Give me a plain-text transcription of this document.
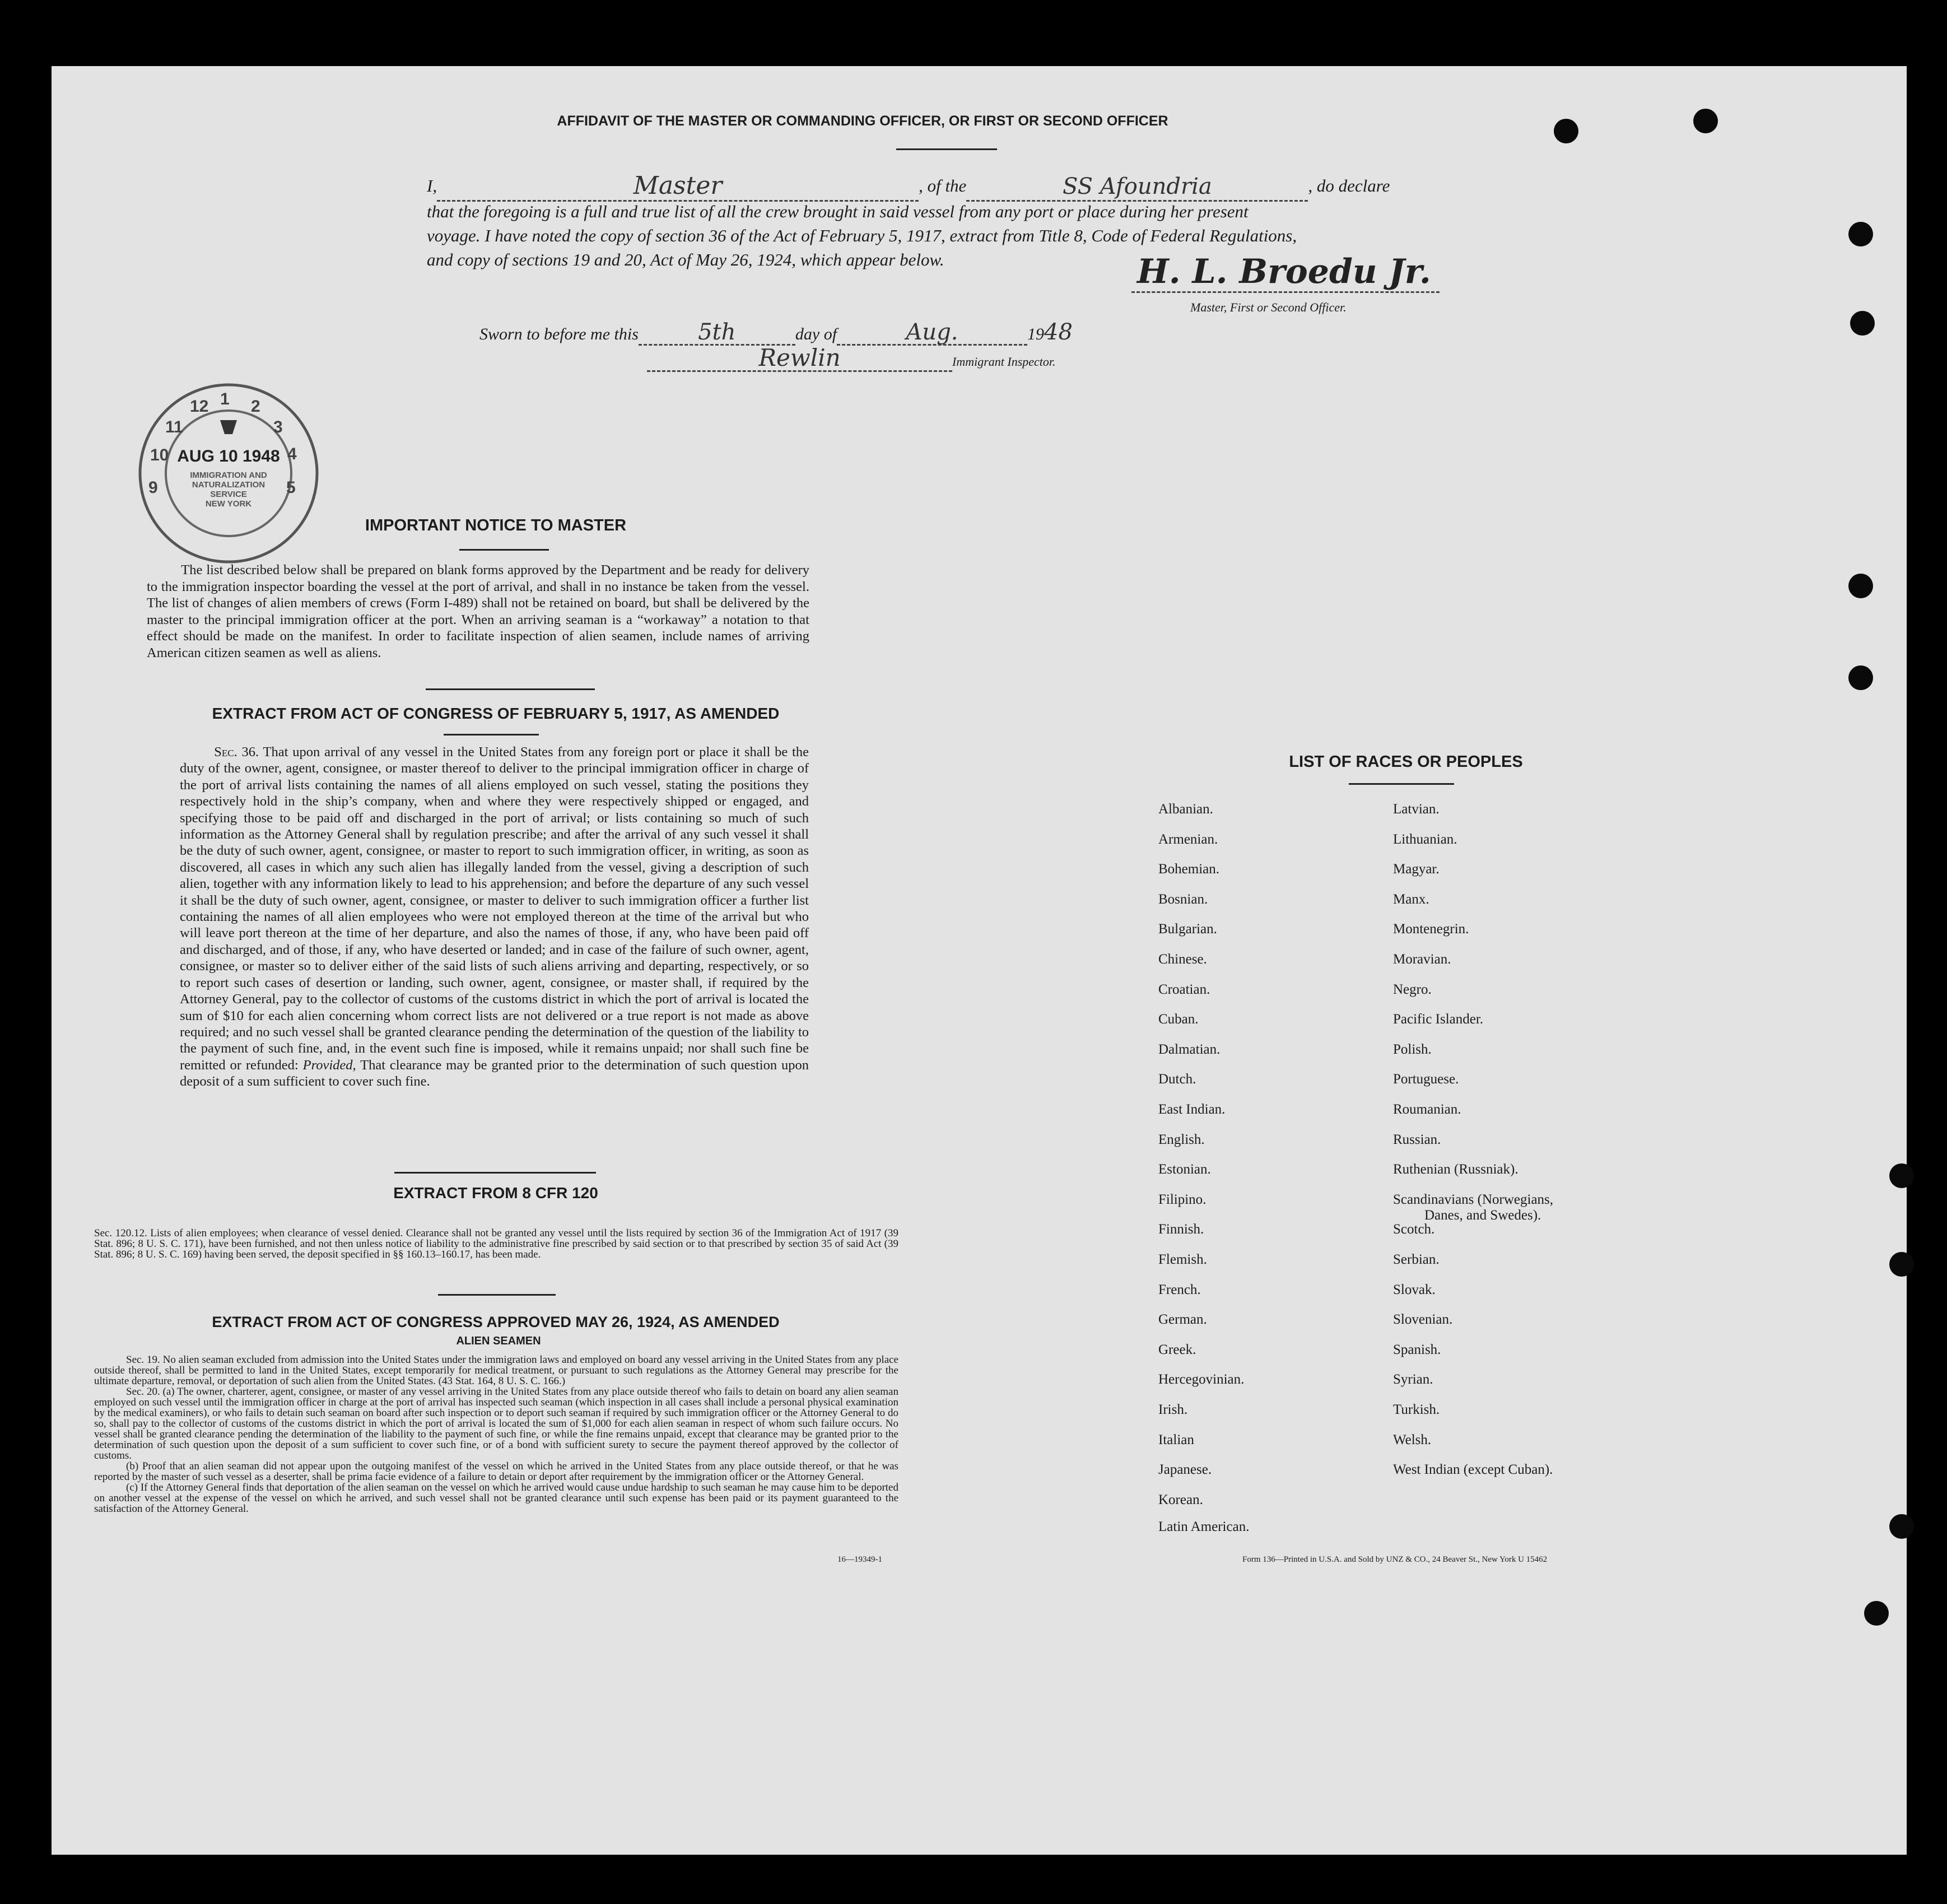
AFFIDAVIT OF THE MASTER OR COMMANDING OFFICER, OR FIRST OR SECOND OFFICER
I,	Master	, of the	SS Afoundria	, do declare
that the foregoing is a full and true list of all the crew brought in said vessel from any port or place during her present
voyage. I have noted the copy of section 36 of the Act of February 5, 1917, extract from Title 8, Code of Federal Regulations,
and copy of sections 19 and 20, Act of May 26, 1924, which appear below.	H. L. Broedu Jr.
Master, First or Second Officer.
Sworn to before me this	5th	day of	Aug.	1948
Rewlin	Immigrant Inspector.
1 2
3
4
12
11
10
9	5
AUG 10 1948
IMMIGRATION AND
NATURALIZATION
SERVICE
NEW YORK
IMPORTANT NOTICE TO MASTER
The list described below shall be prepared on blank forms approved by the Department and be ready for delivery to the immigration inspector boarding the vessel at the port of arrival, and shall in no instance be taken from the vessel. The list of changes of alien members of crews (Form I-489) shall not be retained on board, but shall be delivered by the master to the principal immigration officer at the port. When an arriving seaman is a “workaway” a notation to that effect should be made on the manifest. In order to facilitate inspection of alien seamen, include names of arriving American citizen seamen as well as aliens.
EXTRACT FROM ACT OF CONGRESS OF FEBRUARY 5, 1917, AS AMENDED
Sec. 36. That upon arrival of any vessel in the United States from any foreign port or place it shall be the duty of the owner, agent, consignee, or master thereof to deliver to the principal immigration officer in charge of the port of arrival lists containing the names of all aliens employed on such vessel, stating the positions they respectively hold in the ship’s company, when and where they were respectively shipped or engaged, and specifying those to be paid off and discharged in the port of arrival; or lists containing so much of such information as the Attorney General shall by regulation prescribe; and after the arrival of any such vessel it shall be the duty of such owner, agent, consignee, or master to report to such immigration officer, in writing, as soon as discovered, all cases in which any such alien has illegally landed from the vessel, giving a description of such alien, together with any information likely to lead to his apprehension; and before the departure of any such vessel it shall be the duty of such owner, agent, consignee, or master to deliver to such immigration officer a further list containing the names of all alien employees who were not employed thereon at the time of the arrival but who will leave port thereon at the time of her departure, and also the names of those, if any, who have been paid off and discharged, and of those, if any, who have deserted or landed; and in case of the failure of such owner, agent, consignee, or master so to deliver either of the said lists of such aliens arriving and departing, respectively, or so to report such cases of desertion or landing, such owner, agent, consignee, or master shall, if required by the Attorney General, pay to the collector of customs of the customs district in which the port of arrival is located the sum of $10 for each alien concerning whom correct lists are not delivered or a true report is not made as above required; and no such vessel shall be granted clearance pending the determination of the question of the liability to the payment of such fine, and, in the event such fine is imposed, while it remains unpaid; nor shall such fine be remitted or refunded: Provided, That clearance may be granted prior to the determination of such question upon deposit of a sum sufficient to cover such fine.
EXTRACT FROM 8 CFR 120
Sec. 120.12. Lists of alien employees; when clearance of vessel denied. Clearance shall not be granted any vessel until the lists required by section 36 of the Immigration Act of 1917 (39 Stat. 896; 8 U. S. C. 171), have been furnished, and not then unless notice of liability to the administrative fine prescribed by said section or to that prescribed by section 35 of said Act (39 Stat. 896; 8 U. S. C. 169) having been served, the deposit specified in §§ 160.13–160.17, has been made.
EXTRACT FROM ACT OF CONGRESS APPROVED MAY 26, 1924, AS AMENDED
ALIEN SEAMEN
Sec. 19. No alien seaman excluded from admission into the United States under the immigration laws and employed on board any vessel arriving in the United States from any place outside thereof, shall be permitted to land in the United States, except temporarily for medical treatment, or pursuant to such regulations as the Attorney General may prescribe for the ultimate departure, removal, or deportation of such alien from the United States. (43 Stat. 164, 8 U. S. C. 166.)
Sec. 20. (a) The owner, charterer, agent, consignee, or master of any vessel arriving in the United States from any place outside thereof who fails to detain on board any alien seaman employed on such vessel until the immigration officer in charge at the port of arrival has inspected such seaman (which inspection in all cases shall include a personal physical examination by the medical examiners), or who fails to detain such seaman on board after such inspection or to deport such seaman if required by such immigration officer or the Attorney General to do so, shall pay to the collector of customs of the customs district in which the port of arrival is located the sum of $1,000 for each alien seaman in respect of whom such failure occurs. No vessel shall be granted clearance pending the determination of the liability to the payment of such fine, or while the fine remains unpaid, except that clearance may be granted prior to the determination of such question upon the deposit of a sum sufficient to cover such fine, or of a bond with sufficient surety to secure the payment thereof approved by the collector of customs.
(b) Proof that an alien seaman did not appear upon the outgoing manifest of the vessel on which he arrived in the United States from any place outside thereof, or that he was reported by the master of such vessel as a deserter, shall be prima facie evidence of a failure to detain or deport after requirement by the immigration officer or the Attorney General.
(c) If the Attorney General finds that deportation of the alien seaman on the vessel on which he arrived would cause undue hardship to such seaman he may cause him to be deported on another vessel at the expense of the vessel on which he arrived, and such vessel shall not be granted clearance until such expense has been paid or its payment guaranteed to the satisfaction of the Attorney General.
16—19349-1
LIST OF RACES OR PEOPLES
Albanian.
Armenian.
Bohemian.
Bosnian.
Bulgarian.
Chinese.
Croatian.
Cuban.
Dalmatian.
Dutch.
East Indian.
English.
Estonian.
Filipino.
Finnish.
Flemish.
French.
German.
Greek.
Hercegovinian.
Irish.
Italian
Japanese.
Korean.
Latin American.
Latvian.
Lithuanian.
Magyar.
Manx.
Montenegrin.
Moravian.
Negro.
Pacific Islander.
Polish.
Portuguese.
Roumanian.
Russian.
Ruthenian (Russniak).
Scandinavians (Norwegians,
Danes, and Swedes).
Scotch.
Serbian.
Slovak.
Slovenian.
Spanish.
Syrian.
Turkish.
Welsh.
West Indian (except Cuban).
Form 136—Printed in U.S.A. and Sold by UNZ & CO., 24 Beaver St., New York U 15462
